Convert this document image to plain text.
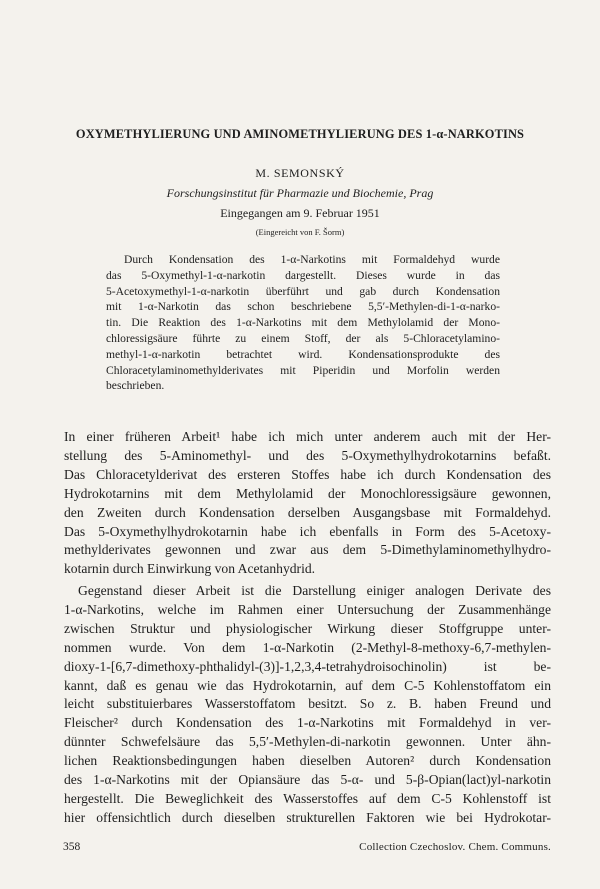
OXYMETHYLIERUNG UND AMINOMETHYLIERUNG DES 1-α-NARKOTINS
M. SEMONSKÝ
Forschungsinstitut für Pharmazie und Biochemie, Prag
Eingegangen am 9. Februar 1951
(Eingereicht von F. Šorm)
Durch Kondensation des 1-α-Narkotins mit Formaldehyd wurde
das 5-Oxymethyl-1-α-narkotin dargestellt. Dieses wurde in das
5-Acetoxymethyl-1-α-narkotin überführt und gab durch Kondensation
mit 1-α-Narkotin das schon beschriebene 5,5′-Methylen-di-1-α-narko-
tin. Die Reaktion des 1-α-Narkotins mit dem Methylolamid der Mono-
chloressigsäure führte zu einem Stoff, der als 5-Chloracetylamino-
methyl-1-α-narkotin betrachtet wird. Kondensationsprodukte des
Chloracetylaminomethylderivates mit Piperidin und Morfolin werden
beschrieben.
In einer früheren Arbeit¹ habe ich mich unter anderem auch mit der Her-
stellung des 5-Aminomethyl- und des 5-Oxymethylhydrokotarnins befaßt.
Das Chloracetylderivat des ersteren Stoffes habe ich durch Kondensation des
Hydrokotarnins mit dem Methylolamid der Monochloressigsäure gewonnen,
den Zweiten durch Kondensation derselben Ausgangsbase mit Formaldehyd.
Das 5-Oxymethylhydrokotarnin habe ich ebenfalls in Form des 5-Acetoxy-
methylderivates gewonnen und zwar aus dem 5-Dimethylaminomethylhydro-
kotarnin durch Einwirkung von Acetanhydrid.
Gegenstand dieser Arbeit ist die Darstellung einiger analogen Derivate des
1-α-Narkotins, welche im Rahmen einer Untersuchung der Zusammenhänge
zwischen Struktur und physiologischer Wirkung dieser Stoffgruppe unter-
nommen wurde. Von dem 1-α-Narkotin (2-Methyl-8-methoxy-6,7-methylen-
dioxy-1-[6,7-dimethoxy-phthalidyl-(3)]-1,2,3,4-tetrahydroisochinolin) ist be-
kannt, daß es genau wie das Hydrokotarnin, auf dem C-5 Kohlenstoffatom ein
leicht substituierbares Wasserstoffatom besitzt. So z. B. haben Freund und
Fleischer² durch Kondensation des 1-α-Narkotins mit Formaldehyd in ver-
dünnter Schwefelsäure das 5,5′-Methylen-di-narkotin gewonnen. Unter ähn-
lichen Reaktionsbedingungen haben dieselben Autoren² durch Kondensation
des 1-α-Narkotins mit der Opiansäure das 5-α- und 5-β-Opian(lact)yl-narkotin
hergestellt. Die Beweglichkeit des Wasserstoffes auf dem C-5 Kohlenstoff ist
hier offensichtlich durch dieselben strukturellen Faktoren wie bei Hydrokotar-
358	Collection Czechoslov. Chem. Communs.
